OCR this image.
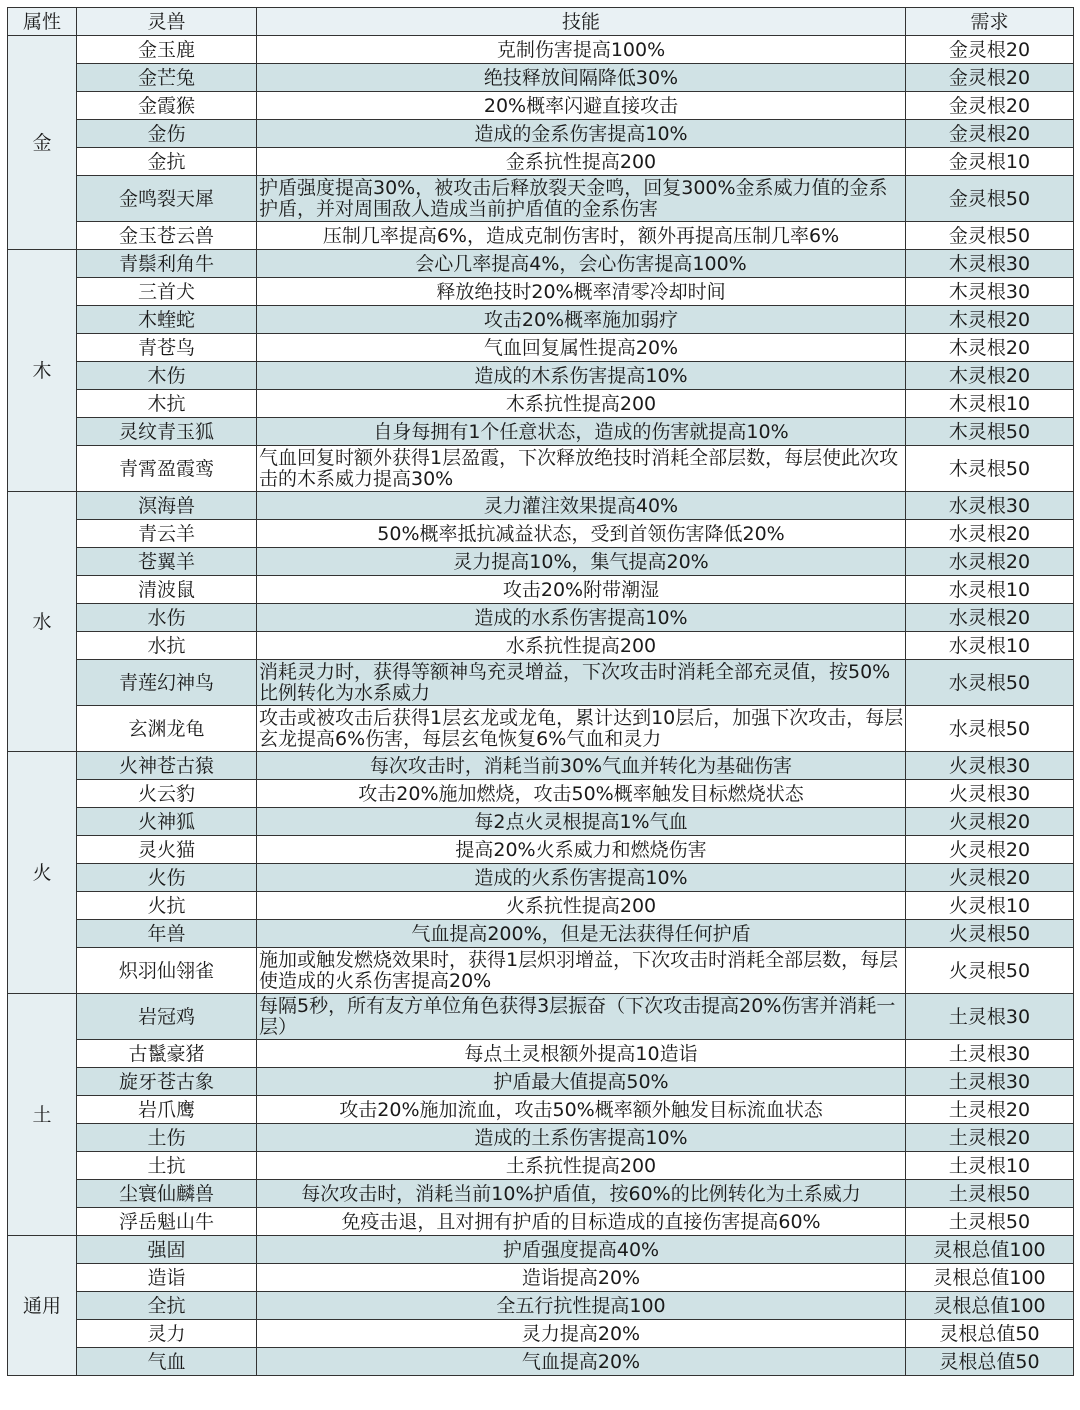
属性	灵兽	技能	需求
金	金玉鹿	克制伤害提高100%	金灵根20
	金芒兔	绝技释放间隔降低30%	金灵根20
	金霞猴	20%概率闪避直接攻击	金灵根20
	金伤	造成的金系伤害提高10%	金灵根20
	金抗	金系抗性提高200	金灵根10
	金鸣裂天犀	护盾强度提高30%，被攻击后释放裂天金鸣，回复300%金系威力值的金系护盾，并对周围敌人造成当前护盾值的金系伤害	金灵根50
	金玉苍云兽	压制几率提高6%，造成克制伤害时，额外再提高压制几率6%	金灵根50
木	青鬃利角牛	会心几率提高4%，会心伤害提高100%	木灵根30
	三首犬	释放绝技时20%概率清零冷却时间	木灵根30
	木蝰蛇	攻击20%概率施加弱疗	木灵根20
	青苍鸟	气血回复属性提高20%	木灵根20
	木伤	造成的木系伤害提高10%	木灵根20
	木抗	木系抗性提高200	木灵根10
	灵纹青玉狐	自身每拥有1个任意状态，造成的伤害就提高10%	木灵根50
	青霄盈霞鸾	气血回复时额外获得1层盈霞，下次释放绝技时消耗全部层数，每层使此次攻击的木系威力提高30%	木灵根50
水	溟海兽	灵力灌注效果提高40%	水灵根30
	青云羊	50%概率抵抗减益状态，受到首领伤害降低20%	水灵根20
	苍翼羊	灵力提高10%，集气提高20%	水灵根20
	清波鼠	攻击20%附带潮湿	水灵根10
	水伤	造成的水系伤害提高10%	水灵根20
	水抗	水系抗性提高200	水灵根10
	青莲幻神鸟	消耗灵力时，获得等额神鸟充灵增益，下次攻击时消耗全部充灵值，按50%比例转化为水系威力	水灵根50
	玄渊龙龟	攻击或被攻击后获得1层玄龙或龙龟，累计达到10层后，加强下次攻击，每层玄龙提高6%伤害，每层玄龟恢复6%气血和灵力	水灵根50
火	火神苍古猿	每次攻击时，消耗当前30%气血并转化为基础伤害	火灵根30
	火云豹	攻击20%施加燃烧，攻击50%概率触发目标燃烧状态	火灵根30
	火神狐	每2点火灵根提高1%气血	火灵根20
	灵火猫	提高20%火系威力和燃烧伤害	火灵根20
	火伤	造成的火系伤害提高10%	火灵根20
	火抗	火系抗性提高200	火灵根10
	年兽	气血提高200%，但是无法获得任何护盾	火灵根50
	炽羽仙翎雀	施加或触发燃烧效果时，获得1层炽羽增益，下次攻击时消耗全部层数，每层使造成的火系伤害提高20%	火灵根50
土	岩冠鸡	每隔5秒，所有友方单位角色获得3层振奋（下次攻击提高20%伤害并消耗一层）	土灵根30
	古鬣豪猪	每点土灵根额外提高10造诣	土灵根30
	旋牙苍古象	护盾最大值提高50%	土灵根30
	岩爪鹰	攻击20%施加流血，攻击50%概率额外触发目标流血状态	土灵根20
	土伤	造成的土系伤害提高10%	土灵根20
	土抗	土系抗性提高200	土灵根10
	尘寰仙麟兽	每次攻击时，消耗当前10%护盾值，按60%的比例转化为土系威力	土灵根50
	浮岳魁山牛	免疫击退，且对拥有护盾的目标造成的直接伤害提高60%	土灵根50
通用	强固	护盾强度提高40%	灵根总值100
	造诣	造诣提高20%	灵根总值100
	全抗	全五行抗性提高100	灵根总值100
	灵力	灵力提高20%	灵根总值50
	气血	气血提高20%	灵根总值50
